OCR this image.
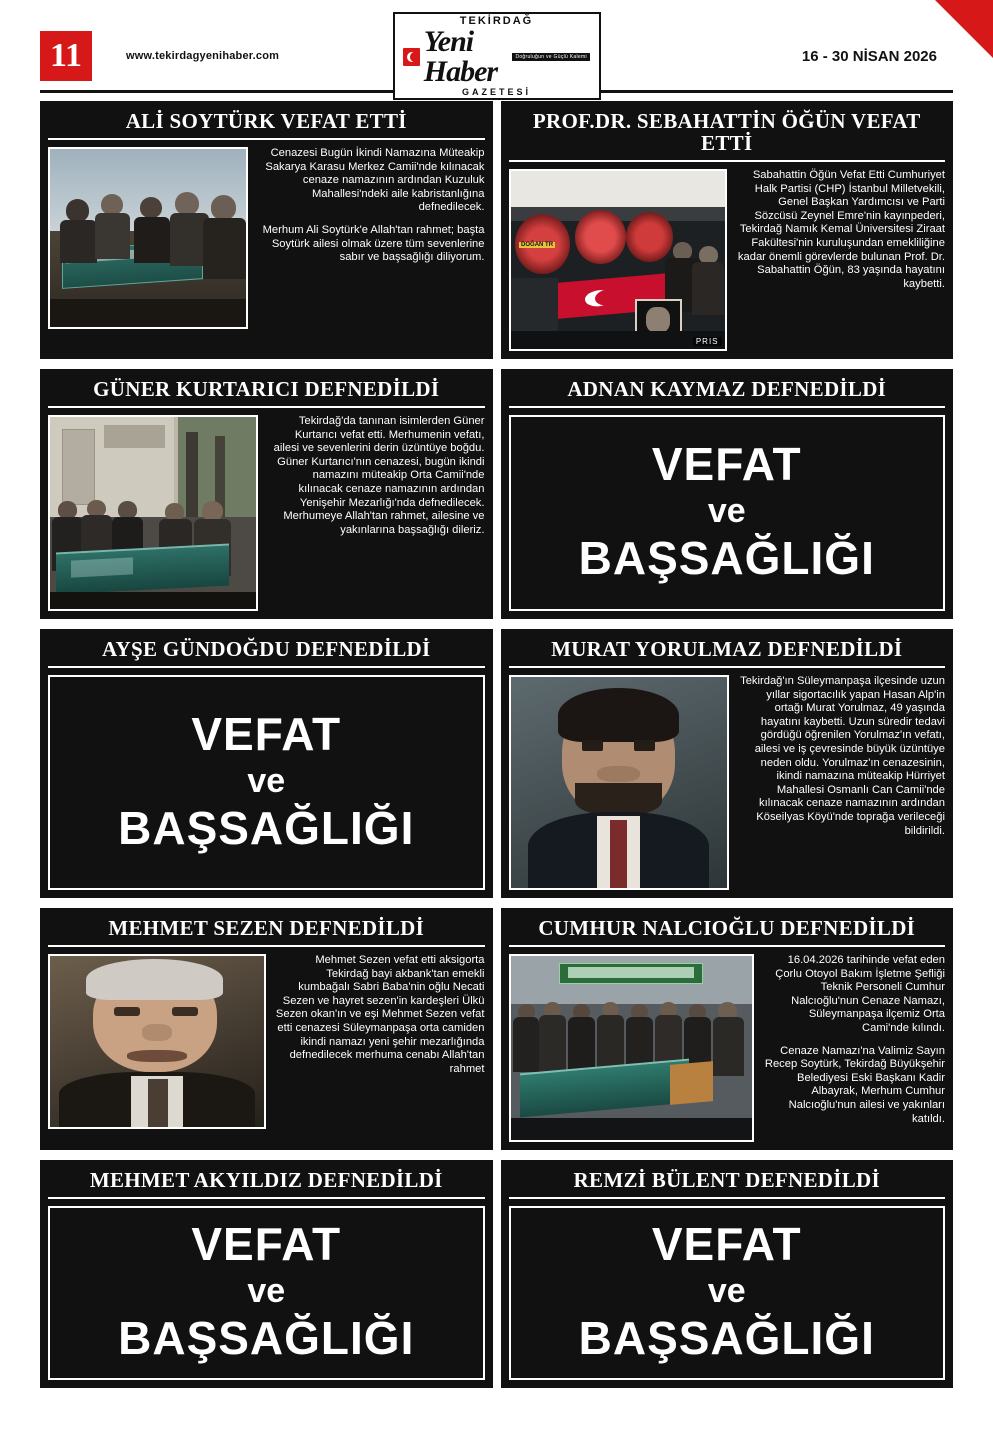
11	www.tekirdagyenihaber.com
TEKİRDAĞ
Yeni Haber	Doğruluğun ve Güçlü Kalemi
GAZETESİ
16 - 30 NİSAN 2026
ALİ SOYTÜRK VEFAT ETTİ

Cenazesi Bugün İkindi Namazına Müteakip Sakarya Karasu Merkez Camii'nde kılınacak cenaze namazının ardından Kuzuluk Mahallesi'ndeki aile kabristanlığına defnedilecek.

Merhum Ali Soytürk'e Allah'tan rahmet; başta Soytürk ailesi olmak üzere tüm sevenlerine sabır ve başsağlığı diliyorum.

PROF.DR. SEBAHATTİN ÖĞÜN VEFAT ETTİ
DOĞAN TR
PRIS

Sabahattin Öğün Vefat Etti Cumhuriyet Halk Partisi (CHP) İstanbul Milletvekili, Genel Başkan Yardımcısı ve Parti Sözcüsü Zeynel Emre'nin kayınpederi, Tekirdağ Namık Kemal Üniversitesi Ziraat Fakültesi'nin kuruluşundan emekliliğine kadar önemli görevlerde bulunan Prof. Dr. Sabahattin Öğün, 83 yaşında hayatını kaybetti.

GÜNER KURTARICI DEFNEDİLDİ

Tekirdağ'da tanınan isimlerden Güner Kurtarıcı vefat etti. Merhumenin vefatı, ailesi ve sevenlerini derin üzüntüye boğdu. Güner Kurtarıcı'nın cenazesi, bugün ikindi namazını müteakip Orta Camii'nde kılınacak cenaze namazının ardından Yenişehir Mezarlığı'nda defnedilecek. Merhumeye Allah'tan rahmet, ailesine ve yakınlarına başsağlığı dileriz.

ADNAN KAYMAZ DEFNEDİLDİ
VEFAT
ve
BAŞSAĞLIĞI
AYŞE GÜNDOĞDU DEFNEDİLDİ
VEFAT
ve
BAŞSAĞLIĞI
MURAT YORULMAZ DEFNEDİLDİ

Tekirdağ'ın Süleymanpaşa ilçesinde uzun yıllar sigortacılık yapan Hasan Alp'in ortağı Murat Yorulmaz, 49 yaşında hayatını kaybetti. Uzun süredir tedavi gördüğü öğrenilen Yorulmaz'ın vefatı, ailesi ve iş çevresinde büyük üzüntüye neden oldu. Yorulmaz'ın cenazesinin, ikindi namazına müteakip Hürriyet Mahallesi Osmanlı Can Camii'nde kılınacak cenaze namazının ardından Köseilyas Köyü'nde toprağa verileceği bildirildi.

MEHMET SEZEN DEFNEDİLDİ

Mehmet Sezen vefat etti aksigorta Tekirdağ bayi akbank'tan emekli kumbağalı Sabri Baba'nin oğlu Necati Sezen ve hayret sezen'in kardeşleri Ülkü Sezen okan'ın ve eşi Mehmet Sezen vefat etti cenazesi Süleymanpaşa orta camiden ikindi namazı yeni şehir mezarlığında defnedilecek merhuma cenabı Allah'tan rahmet

CUMHUR NALCIOĞLU DEFNEDİLDİ

16.04.2026 tarihinde vefat eden Çorlu Otoyol Bakım İşletme Şefliği Teknik Personeli Cumhur Nalcıoğlu'nun Cenaze Namazı, Süleymanpaşa ilçemiz Orta Cami'nde kılındı.

Cenaze Namazı'na Valimiz Sayın Recep Soytürk, Tekirdağ Büyükşehir Belediyesi Eski Başkanı Kadir Albayrak, Merhum Cumhur Nalcıoğlu'nun ailesi ve yakınları katıldı.

MEHMET AKYILDIZ DEFNEDİLDİ
VEFAT
ve
BAŞSAĞLIĞI
REMZİ BÜLENT DEFNEDİLDİ
VEFAT
ve
BAŞSAĞLIĞI
